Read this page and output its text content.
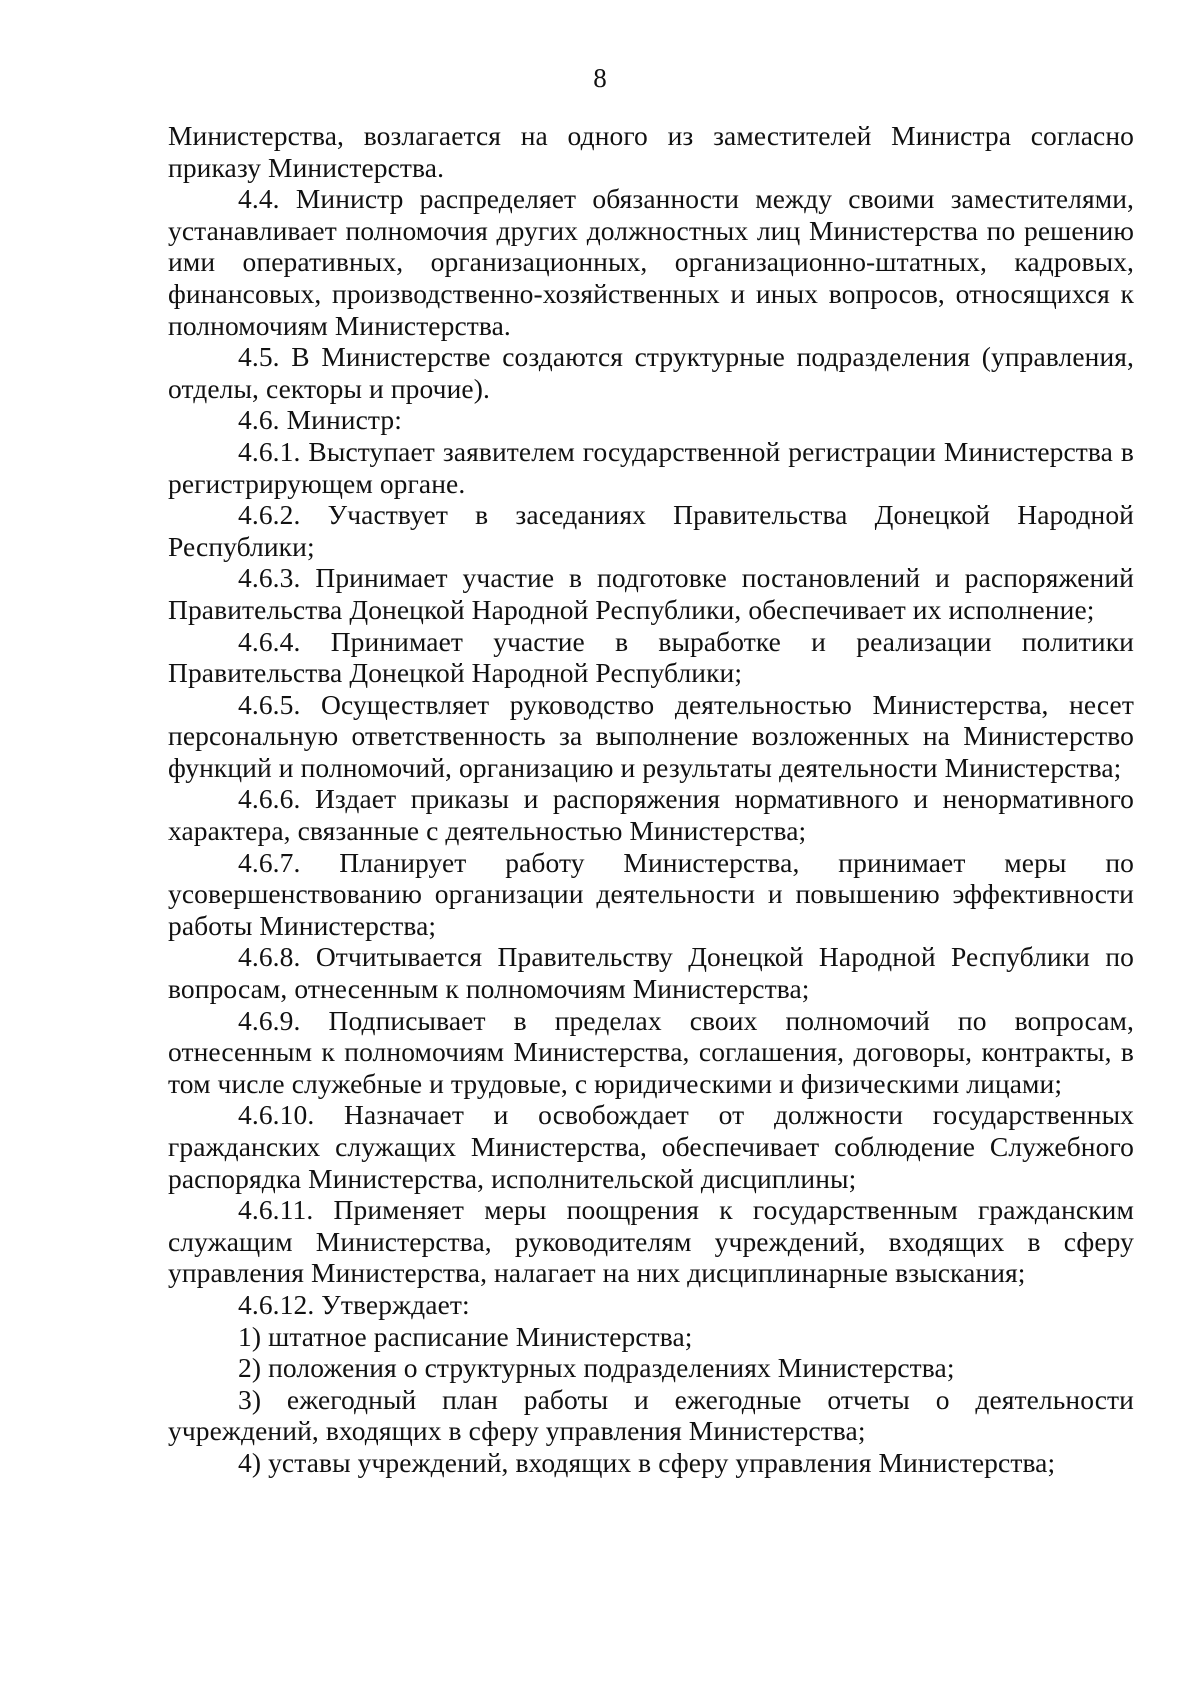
8

Министерства, возлагается на одного из заместителей Министра согласно приказу Министерства.

4.4. Министр распределяет обязанности между своими заместителями, устанавливает полномочия других должностных лиц Министерства по решению ими оперативных, организационных, организационно-штатных, кадровых, финансовых, производственно-хозяйственных и иных вопросов, относящихся к полномочиям Министерства.

4.5. В Министерстве создаются структурные подразделения (управления, отделы, секторы и прочие).

4.6. Министр:

4.6.1. Выступает заявителем государственной регистрации Министерства в регистрирующем органе.

4.6.2. Участвует в заседаниях Правительства Донецкой Народной Республики;

4.6.3. Принимает участие в подготовке постановлений и распоряжений Правительства Донецкой Народной Республики, обеспечивает их исполнение;

4.6.4. Принимает участие в выработке и реализации политики Правительства Донецкой Народной Республики;

4.6.5. Осуществляет руководство деятельностью Министерства, несет персональную ответственность за выполнение возложенных на Министерство функций и полномочий, организацию и результаты деятельности Министерства;

4.6.6. Издает приказы и распоряжения нормативного и ненормативного характера, связанные с деятельностью Министерства;

4.6.7. Планирует работу Министерства, принимает меры по усовершенствованию организации деятельности и повышению эффективности работы Министерства;

4.6.8. Отчитывается Правительству Донецкой Народной Республики по вопросам, отнесенным к полномочиям Министерства;

4.6.9. Подписывает в пределах своих полномочий по вопросам, отнесенным к полномочиям Министерства, соглашения, договоры, контракты, в том числе служебные и трудовые, с юридическими и физическими лицами;

4.6.10. Назначает и освобождает от должности государственных гражданских служащих Министерства, обеспечивает соблюдение Служебного распорядка Министерства, исполнительской дисциплины;

4.6.11. Применяет меры поощрения к государственным гражданским служащим Министерства, руководителям учреждений, входящих в сферу управления Министерства, налагает на них дисциплинарные взыскания;

4.6.12. Утверждает:

1) штатное расписание Министерства;

2) положения о структурных подразделениях Министерства;

3) ежегодный план работы и ежегодные отчеты о деятельности учреждений, входящих в сферу управления Министерства;

4) уставы учреждений, входящих в сферу управления Министерства;
